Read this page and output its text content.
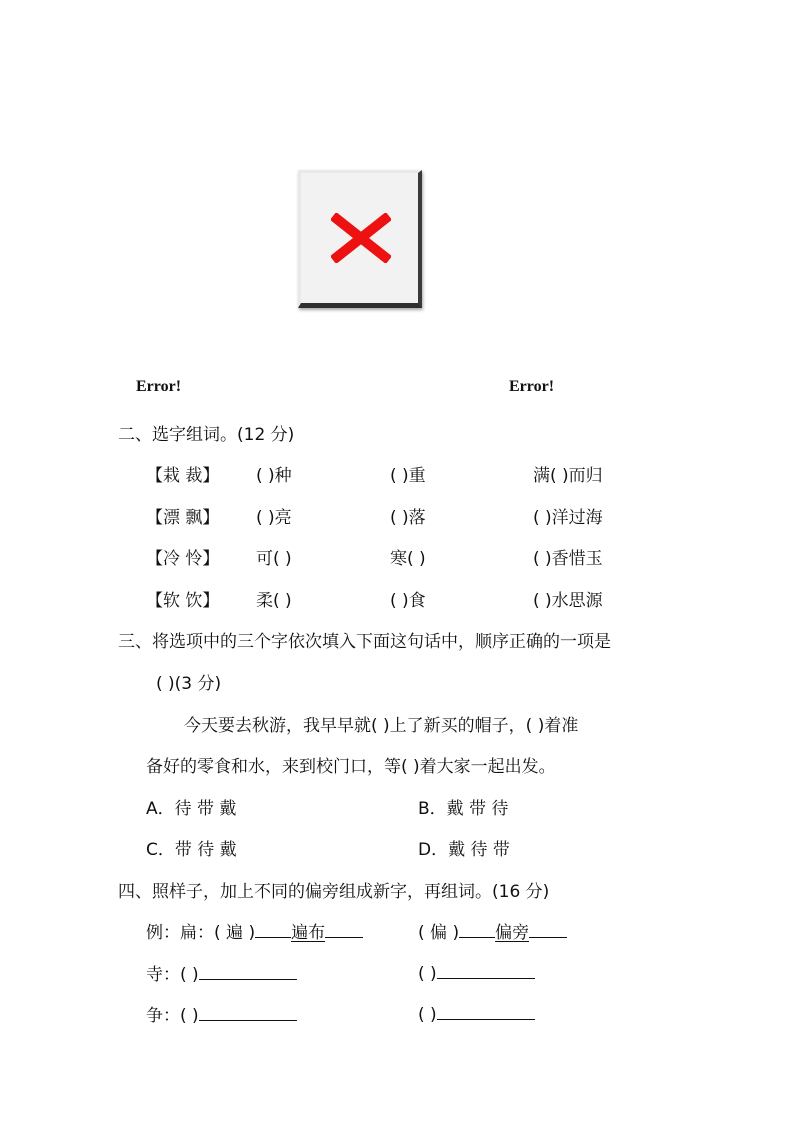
Error!	Error!
二、选字组词。(12 分)
【栽 裁】 ( )种	( )重	满( )而归
【漂 飘】 ( )亮	( )落	( )洋过海
【冷 怜】 可( )	寒( )	( )香惜玉
【软 饮】 柔( )	( )食	( )水思源
三、将选项中的三个字依次填入下面这句话中，顺序正确的一项是
( )(3 分)
今天要去秋游，我早早就( )上了新买的帽子，( )着准
备好的零食和水，来到校门口，等( )着大家一起出发。
A．待 带 戴	B．戴 带 待
C．带 待 戴	D．戴 待 带
四、照样子，加上不同的偏旁组成新字，再组词。(16 分)
例：扁：( 遍 ) 遍布	( 偏 ) 偏旁
寺：( )	( )
争：( )	( )
